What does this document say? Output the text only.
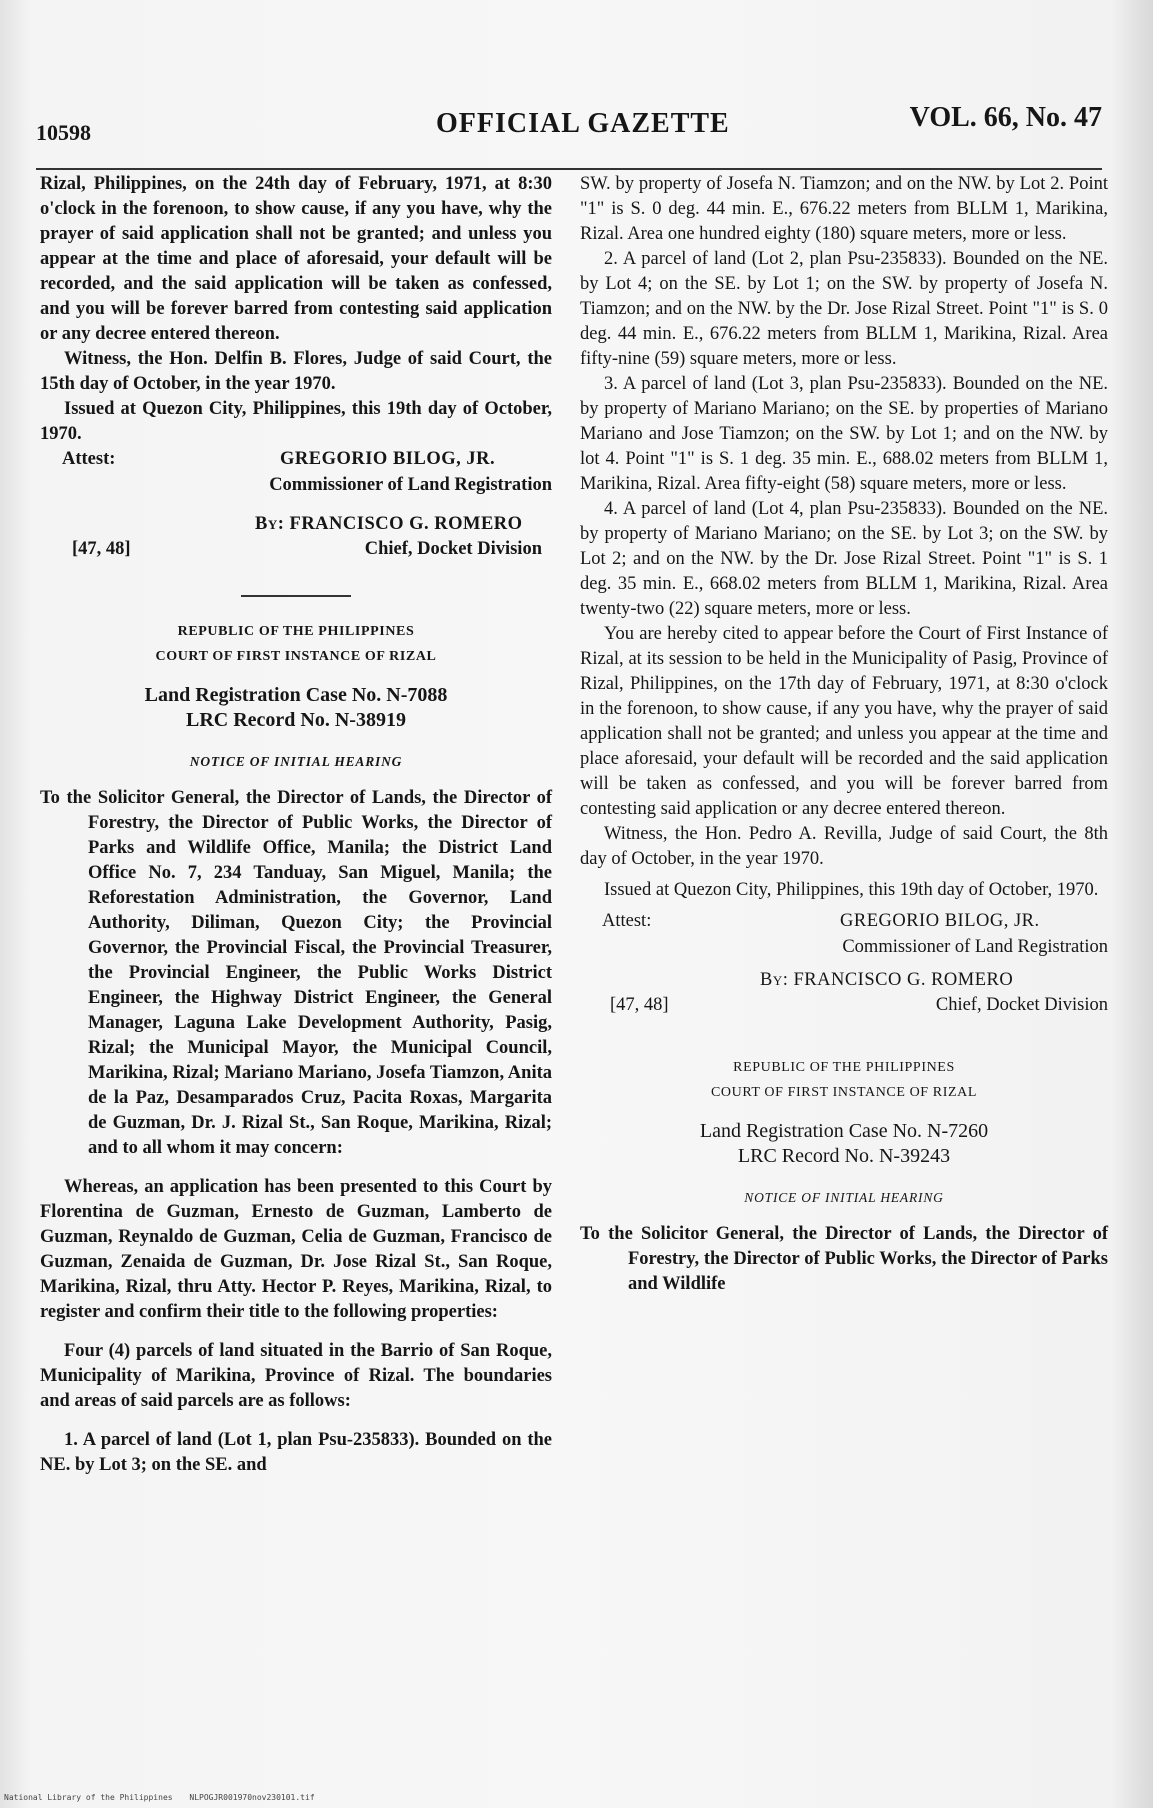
10598	OFFICIAL GAZETTE	VOL. 66, No. 47

Rizal, Philippines, on the 24th day of February, 1971, at 8:30 o'clock in the forenoon, to show cause, if any you have, why the prayer of said application shall not be granted; and unless you appear at the time and place of aforesaid, your default will be recorded, and the said application will be taken as confessed, and you will be forever barred from contesting said application or any decree entered thereon.

Witness, the Hon. Delfin B. Flores, Judge of said Court, the 15th day of October, in the year 1970.

Issued at Quezon City, Philippines, this 19th day of October, 1970.

Attest:	GREGORIO BILOG, JR.

Commissioner of Land Registration

By: FRANCISCO G. ROMERO

[47, 48]	Chief, Docket Division

REPUBLIC OF THE PHILIPPINES

COURT OF FIRST INSTANCE OF RIZAL

Land Registration Case No. N-7088

LRC Record No. N-38919

NOTICE OF INITIAL HEARING

To the Solicitor General, the Director of Lands, the Director of Forestry, the Director of Public Works, the Director of Parks and Wildlife Office, Manila; the District Land Office No. 7, 234 Tanduay, San Miguel, Manila; the Reforestation Administration, the Governor, Land Authority, Diliman, Quezon City; the Provincial Governor, the Provincial Fiscal, the Provincial Treasurer, the Provincial Engineer, the Public Works District Engineer, the Highway District Engineer, the General Manager, Laguna Lake Development Authority, Pasig, Rizal; the Municipal Mayor, the Municipal Council, Marikina, Rizal; Mariano Mariano, Josefa Tiamzon, Anita de la Paz, Desamparados Cruz, Pacita Roxas, Margarita de Guzman, Dr. J. Rizal St., San Roque, Marikina, Rizal; and to all whom it may concern:

Whereas, an application has been presented to this Court by Florentina de Guzman, Ernesto de Guzman, Lamberto de Guzman, Reynaldo de Guzman, Celia de Guzman, Francisco de Guzman, Zenaida de Guzman, Dr. Jose Rizal St., San Roque, Marikina, Rizal, thru Atty. Hector P. Reyes, Marikina, Rizal, to register and confirm their title to the following properties:

Four (4) parcels of land situated in the Barrio of San Roque, Municipality of Marikina, Province of Rizal. The boundaries and areas of said parcels are as follows:

1. A parcel of land (Lot 1, plan Psu-235833). Bounded on the NE. by Lot 3; on the SE. and

SW. by property of Josefa N. Tiamzon; and on the NW. by Lot 2. Point "1" is S. 0 deg. 44 min. E., 676.22 meters from BLLM 1, Marikina, Rizal. Area one hundred eighty (180) square meters, more or less.

2. A parcel of land (Lot 2, plan Psu-235833). Bounded on the NE. by Lot 4; on the SE. by Lot 1; on the SW. by property of Josefa N. Tiamzon; and on the NW. by the Dr. Jose Rizal Street. Point "1" is S. 0 deg. 44 min. E., 676.22 meters from BLLM 1, Marikina, Rizal. Area fifty-nine (59) square meters, more or less.

3. A parcel of land (Lot 3, plan Psu-235833). Bounded on the NE. by property of Mariano Mariano; on the SE. by properties of Mariano Mariano and Jose Tiamzon; on the SW. by Lot 1; and on the NW. by lot 4. Point "1" is S. 1 deg. 35 min. E., 688.02 meters from BLLM 1, Marikina, Rizal. Area fifty-eight (58) square meters, more or less.

4. A parcel of land (Lot 4, plan Psu-235833). Bounded on the NE. by property of Mariano Mariano; on the SE. by Lot 3; on the SW. by Lot 2; and on the NW. by the Dr. Jose Rizal Street. Point "1" is S. 1 deg. 35 min. E., 668.02 meters from BLLM 1, Marikina, Rizal. Area twenty-two (22) square meters, more or less.

You are hereby cited to appear before the Court of First Instance of Rizal, at its session to be held in the Municipality of Pasig, Province of Rizal, Philippines, on the 17th day of February, 1971, at 8:30 o'clock in the forenoon, to show cause, if any you have, why the prayer of said application shall not be granted; and unless you appear at the time and place aforesaid, your default will be recorded and the said application will be taken as confessed, and you will be forever barred from contesting said application or any decree entered thereon.

Witness, the Hon. Pedro A. Revilla, Judge of said Court, the 8th day of October, in the year 1970.

Issued at Quezon City, Philippines, this 19th day of October, 1970.

Attest:	GREGORIO BILOG, JR.

Commissioner of Land Registration

By: FRANCISCO G. ROMERO

[47, 48]	Chief, Docket Division

REPUBLIC OF THE PHILIPPINES

COURT OF FIRST INSTANCE OF RIZAL

Land Registration Case No. N-7260

LRC Record No. N-39243

NOTICE OF INITIAL HEARING

To the Solicitor General, the Director of Lands, the Director of Forestry, the Director of Public Works, the Director of Parks and Wildlife

National Library of the Philippines NLPOGJR001970nov230101.tif
